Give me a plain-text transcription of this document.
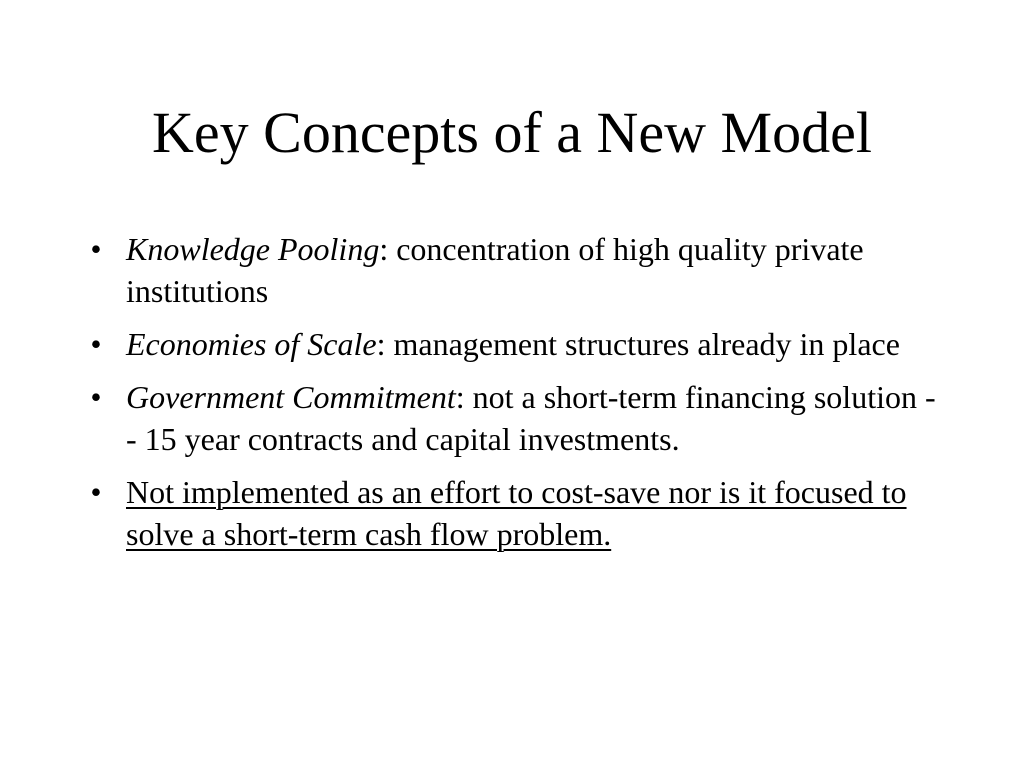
Key Concepts of a New Model
• Knowledge Pooling: concentration of high quality private institutions
• Economies of Scale: management structures already in place
• Government Commitment: not a short-term financing solution -- 15 year contracts and capital investments.
• Not implemented as an effort to cost-save nor is it focused to solve a short-term cash flow problem.
